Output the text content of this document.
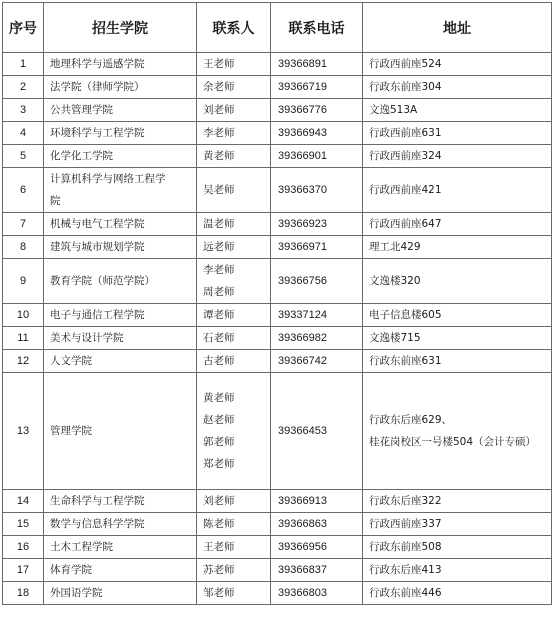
序号	招生学院	联系人	联系电话	地址
1	地理科学与遥感学院	王老师	39366891	行政西前座524

2	法学院（律师学院）	余老师	39366719	行政东前座304

3	公共管理学院	刘老师	39366776	文逸513A

4	环境科学与工程学院	李老师	39366943	行政西前座631

5	化学化工学院	黄老师	39366901	行政西前座324

6	计算机科学与网络工程学
院	吴老师	39366370	行政西前座421

7	机械与电气工程学院	温老师	39366923	行政西前座647

8	建筑与城市规划学院	远老师	39366971	理工北429

9	教育学院（师范学院）	李老师
周老师	39366756	文逸楼320

10	电子与通信工程学院	谭老师	39337124	电子信息楼605

11	美术与设计学院	石老师	39366982	文逸楼715

12	人文学院	古老师	39366742	行政东前座631

13	管理学院	黄老师
赵老师
郭老师
郑老师	39366453	行政东后座629、
桂花岗校区一号楼504（会计专硕）

14	生命科学与工程学院	刘老师	39366913	行政东后座322

15	数学与信息科学学院	陈老师	39366863	行政西前座337

16	土木工程学院	王老师	39366956	行政东前座508

17	体育学院	苏老师	39366837	行政东后座413

18	外国语学院	邹老师	39366803	行政东前座446
